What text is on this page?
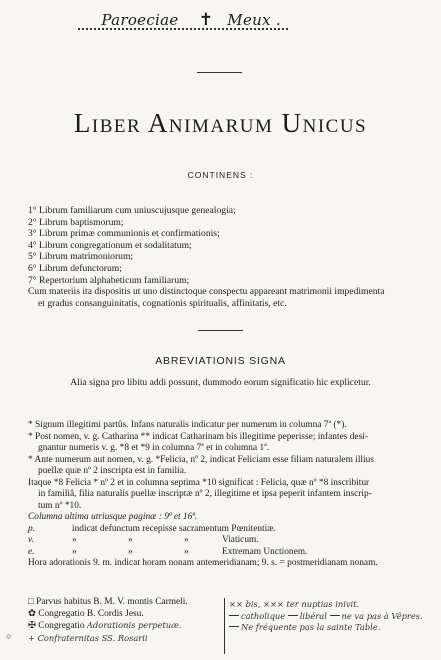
Paroeciae ✝ Meux .
Liber Animarum Unicus
CONTINENS :
1° Librum familiarum cum uniuscujusque genealogia;
2° Librum baptismorum;
3° Librum primæ communionis et confirmationis;
4° Librum congregationum et sodalitatum;
5° Librum matrimoniorum;
6° Librum defunctorum;
7° Repertorium alphabeticum familiarum;
Cum materiis ita dispositis ut uno distinctoque conspectu appareant matrimonii impedimenta
et gradus consanguinitatis, cognationis spiritualis, affinitatis, etc.
ABREVIATIONIS SIGNA
Alia signa pro libitu addi possunt, dummodo eorum significatio hic explicetur.
* Signum illegitimi partûs. Infans naturalis indicatur per numerum in columna 7ª (*).
* Post nomen, v. g. Catharina ** indicat Catharinam bis illegitime peperisse; infantes desi-
gnantur numeris v. g. *8 et *9 in columna 7ª et in columna 1ª.
* Ante numerum aut nomen, v. g. *Felicia, nº 2, indicat Feliciam esse filiam naturalem illius
puellæ quæ nº 2 inscripta est in familia.
Itaque *8 Felicia * nº 2 et in columna septima *10 significat : Felicia, quæ nº *8 inscribitur
in familiâ, filia naturalis puellæ inscriptæ nº 2, illegitime et ipsa peperit infantem inscrip-
tum nº *10.
Columna ultima utriusque paginæ : 9ª et 16ª.
p.	indicat defunctum recepisse sacramentum Pœnitentiæ.
v.	»	»	»	Viaticum.
e.	»	»	»	Extremam Unctionem.
Hora adorationis 9. m. indicat horam nonam antemeridianam; 9. s. = postmeridianam nonam.
□ Parvus habitus B. M. V. montis Carmeli.
✿ Congregatio B. Cordis Jesu.
✠ Congregatio Adorationis perpetuæ.
+ Confraternitas SS. Rosarii
○
×× bis, ××× ter nuptias inivit.
catholique libéral ne va pas à Vêpres.
Ne fréquente pas la sainte Table.
